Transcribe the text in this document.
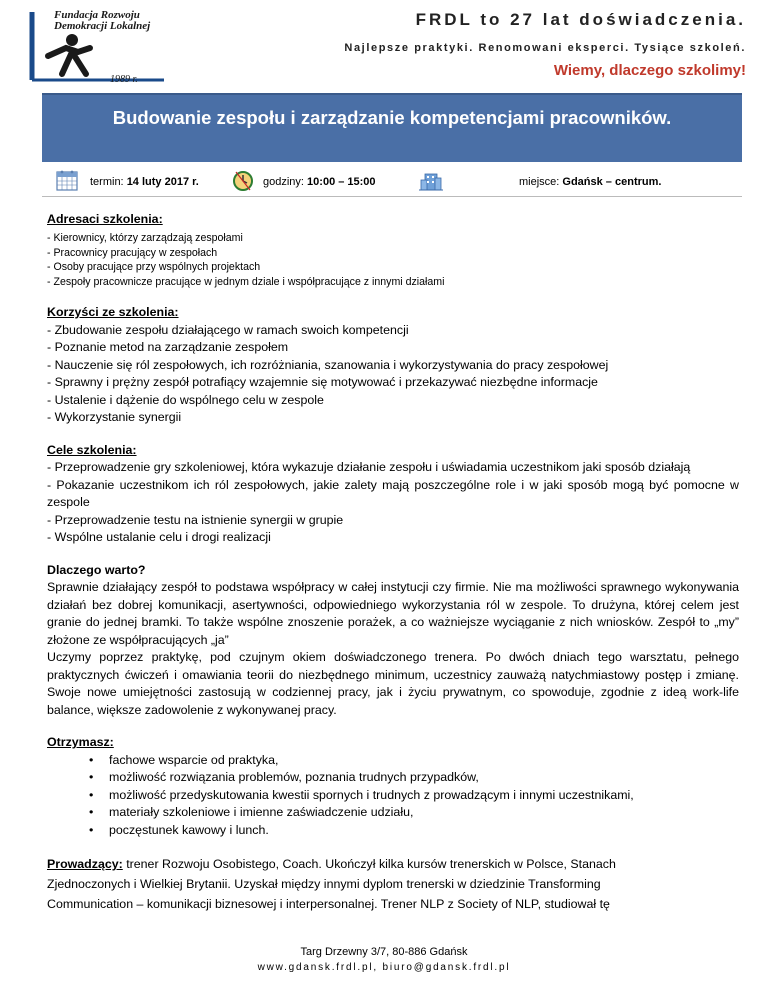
Fundacja Rozwoju
Demokracji Lokalnej
1989 r.
FRDL to 27 lat doświadczenia.
Najlepsze praktyki. Renomowani eksperci. Tysiące szkoleń.
Wiemy, dlaczego szkolimy!
Budowanie zespołu i zarządzanie kompetencjami pracowników.
termin: 14 luty 2017 r.	godziny: 10:00 – 15:00	miejsce: Gdańsk – centrum.
Adresaci szkolenia:
- Kierownicy, którzy zarządzają zespołami
- Pracownicy pracujący w zespołach
- Osoby pracujące przy wspólnych projektach
- Zespoły pracownicze pracujące w jednym dziale i współpracujące z innymi działami
Korzyści ze szkolenia:
- Zbudowanie zespołu działającego w ramach swoich kompetencji
- Poznanie metod na zarządzanie zespołem
- Nauczenie się ról zespołowych, ich rozróżniania, szanowania i wykorzystywania do pracy zespołowej
- Sprawny i prężny zespół potrafiący wzajemnie się motywować i przekazywać niezbędne informacje
- Ustalenie i dążenie do wspólnego celu w zespole
- Wykorzystanie synergii
Cele szkolenia:
- Przeprowadzenie gry szkoleniowej, która wykazuje działanie zespołu i uświadamia uczestnikom jaki sposób działają
- Pokazanie uczestnikom ich ról zespołowych, jakie zalety mają poszczególne role i w jaki sposób mogą być pomocne w zespole
- Przeprowadzenie testu na istnienie synergii w grupie
- Wspólne ustalanie celu i drogi realizacji
Dlaczego warto?
Sprawnie działający zespół to podstawa współpracy w całej instytucji czy firmie. Nie ma możliwości sprawnego wykonywania działań bez dobrej komunikacji, asertywności, odpowiedniego wykorzystania ról w zespole. To drużyna, której celem jest granie do jednej bramki. To także wspólne znoszenie porażek, a co ważniejsze wyciąganie z nich wniosków. Zespół to „my” złożone ze współpracujących „ja”
Uczymy poprzez praktykę, pod czujnym okiem doświadczonego trenera. Po dwóch dniach tego warsztatu, pełnego praktycznych ćwiczeń i omawiania teorii do niezbędnego minimum, uczestnicy zauważą natychmiastowy postęp i zmianę. Swoje nowe umiejętności zastosują w codziennej pracy, jak i życiu prywatnym, co spowoduje, zgodnie z ideą work-life balance, większe zadowolenie z wykonywanej pracy.
Otrzymasz:
• fachowe wsparcie od praktyka,
• możliwość rozwiązania problemów, poznania trudnych przypadków,
• możliwość przedyskutowania kwestii spornych i trudnych z prowadzącym i innymi uczestnikami,
• materiały szkoleniowe i imienne zaświadczenie udziału,
• poczęstunek kawowy i lunch.
Prowadzący: trener Rozwoju Osobistego, Coach. Ukończył kilka kursów trenerskich w Polsce, Stanach
Zjednoczonych i Wielkiej Brytanii. Uzyskał między innymi dyplom trenerski w dziedzinie Transforming
Communication – komunikacji biznesowej i interpersonalnej. Trener NLP z Society of NLP, studiował tę
Targ Drzewny 3/7, 80-886 Gdańsk
www.gdansk.frdl.pl, biuro@gdansk.frdl.pl
